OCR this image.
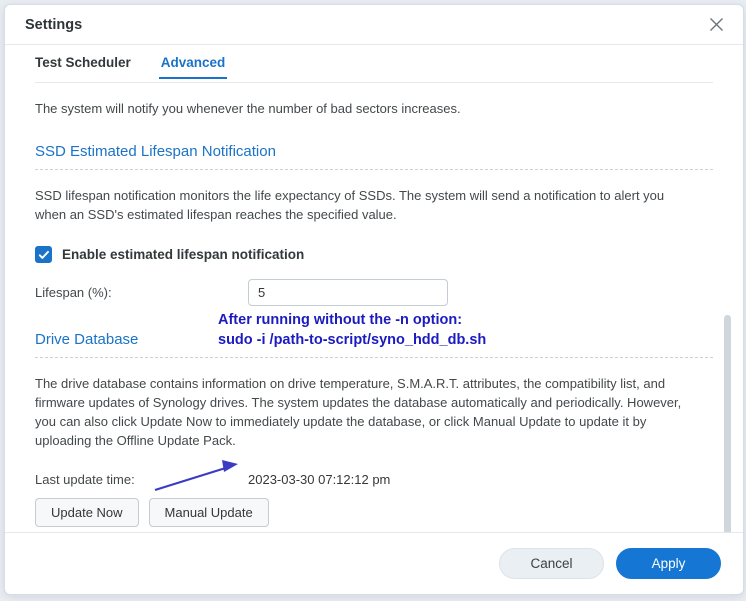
Settings
Test Scheduler Advanced

The system will notify you whenever the number of bad sectors increases.

SSD Estimated Lifespan Notification

SSD lifespan notification monitors the life expectancy of SSDs. The system will send a notification to alert you when an SSD's estimated lifespan reaches the specified value.

Enable estimated lifespan notification
Lifespan (%):
5
Drive Database

The drive database contains information on drive temperature, S.M.A.R.T. attributes, the compatibility list, and firmware updates of Synology drives. The system updates the database automatically and periodically. However, you can also click Update Now to immediately update the database, or click Manual Update to update it by uploading the Offline Update Pack.

Last update time:	2023-03-30 07:12:12 pm
Update Now	Manual Update
Cancel	Apply
After running without the -n option:
sudo -i /path-to-script/syno_hdd_db.sh
